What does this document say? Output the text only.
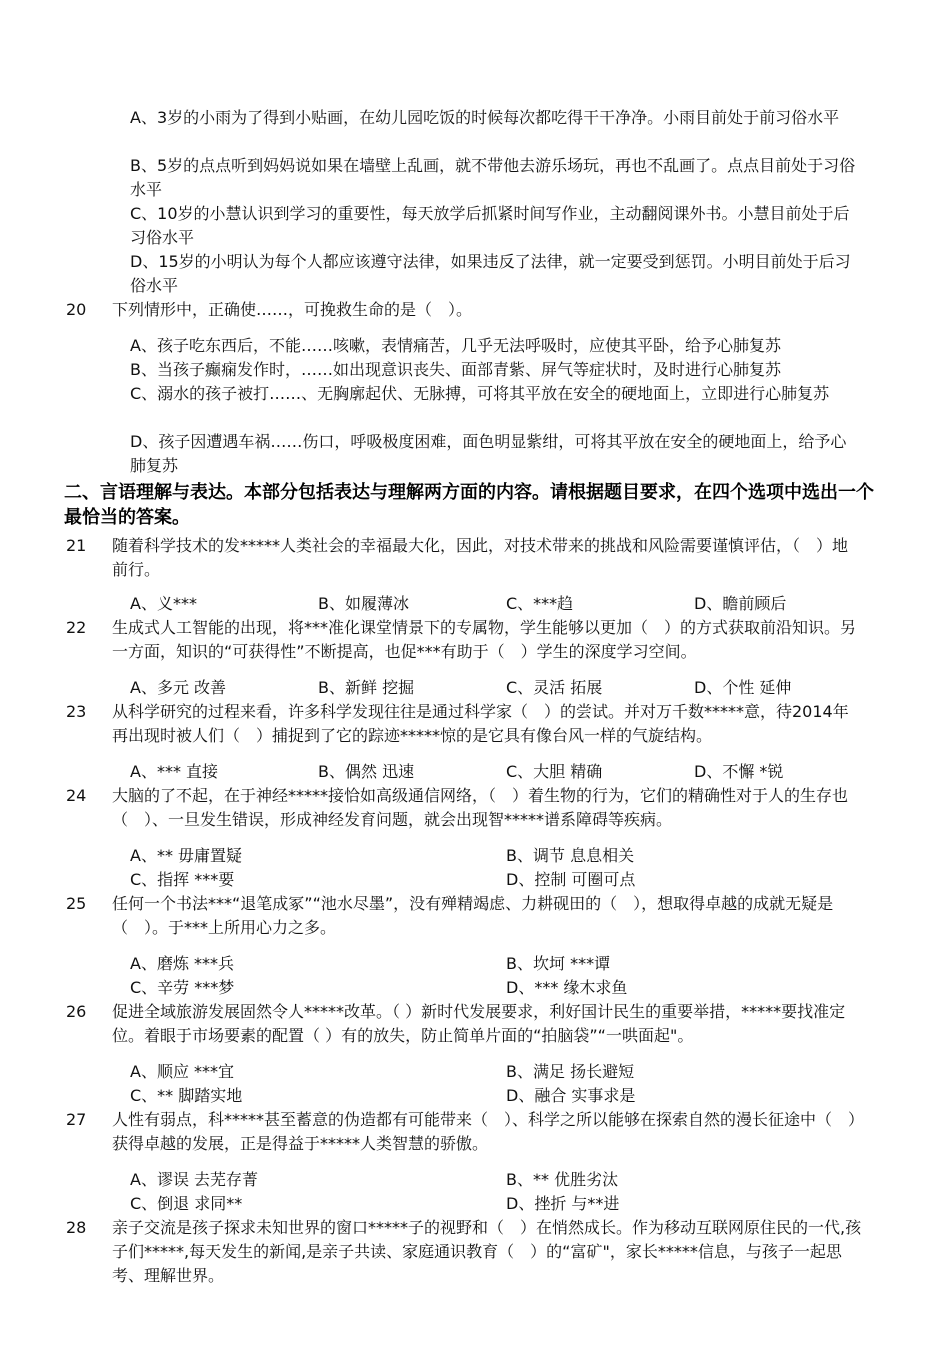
A、3岁的小雨为了得到小贴画，在幼儿园吃饭的时候每次都吃得干干净净。小雨目前处于前习俗水平
B、5岁的点点听到妈妈说如果在墙壁上乱画，就不带他去游乐场玩，再也不乱画了。点点目前处于习俗水平
C、10岁的小慧认识到学习的重要性，每天放学后抓紧时间写作业，主动翻阅课外书。小慧目前处于后习俗水平
D、15岁的小明认为每个人都应该遵守法律，如果违反了法律，就一定要受到惩罚。小明目前处于后习俗水平
20 下列情形中，正确使……，可挽救生命的是（　）。
A、孩子吃东西后，不能……咳嗽，表情痛苦，几乎无法呼吸时，应使其平卧，给予心肺复苏
B、当孩子癫痫发作时，……如出现意识丧失、面部青紫、屏气等症状时，及时进行心肺复苏
C、溺水的孩子被打……、无胸廓起伏、无脉搏，可将其平放在安全的硬地面上，立即进行心肺复苏
D、孩子因遭遇车祸……伤口，呼吸极度困难，面色明显紫绀，可将其平放在安全的硬地面上，给予心肺复苏
二、言语理解与表达。本部分包括表达与理解两方面的内容。请根据题目要求，在四个选项中选出一个最恰当的答案。
21 随着科学技术的发*****人类社会的幸福最大化，因此，对技术带来的挑战和风险需要谨慎评估，（　）地前行。
A、义***	B、如履薄冰	C、***趋	D、瞻前顾后
22 生成式人工智能的出现，将***准化课堂情景下的专属物，学生能够以更加（　）的方式获取前沿知识。另一方面，知识的“可获得性”不断提高，也促***有助于（　）学生的深度学习空间。
A、多元 改善	B、新鲜 挖掘	C、灵活 拓展	D、个性 延伸
23 从科学研究的过程来看，许多科学发现往往是通过科学家（　）的尝试。并对万千数*****意，待2014年再出现时被人们（　）捕捉到了它的踪迹*****惊的是它具有像台风一样的气旋结构。
A、*** 直接	B、偶然 迅速	C、大胆 精确	D、不懈 *锐
24 大脑的了不起，在于神经*****接恰如高级通信网络，（　）着生物的行为，它们的精确性对于人的生存也（　）、一旦发生错误，形成神经发育问题，就会出现智*****谱系障碍等疾病。
A、** 毋庸置疑	B、调节 息息相关
C、指挥 ***要	D、控制 可圈可点
25 任何一个书法***“退笔成冢”“池水尽墨”，没有殚精竭虑、力耕砚田的（　），想取得卓越的成就无疑是（　）。于***上所用心力之多。
A、磨炼 ***兵	B、坎坷 ***谭
C、辛劳 ***梦	D、*** 缘木求鱼
26 促进全域旅游发展固然令人*****改革。（ ）新时代发展要求，利好国计民生的重要举措，*****要找准定位。着眼于市场要素的配置（ ）有的放失，防止简单片面的“拍脑袋”“一哄面起"。
A、顺应 ***宜	B、满足 扬长避短
C、** 脚踏实地	D、融合 实事求是
27 人性有弱点，科*****甚至蓄意的伪造都有可能带来（　）、科学之所以能够在探索自然的漫长征途中（　）获得卓越的发展，正是得益于*****人类智慧的骄傲。
A、谬误 去芜存菁	B、** 优胜劣汰
C、倒退 求同**	D、挫折 与**进
28 亲子交流是孩子探求未知世界的窗口*****子的视野和（　）在悄然成长。作为移动互联网原住民的一代,孩子们*****,每天发生的新闻,是亲子共读、家庭通识教育（　）的“富矿"，家长*****信息，与孩子一起思考、理解世界。
